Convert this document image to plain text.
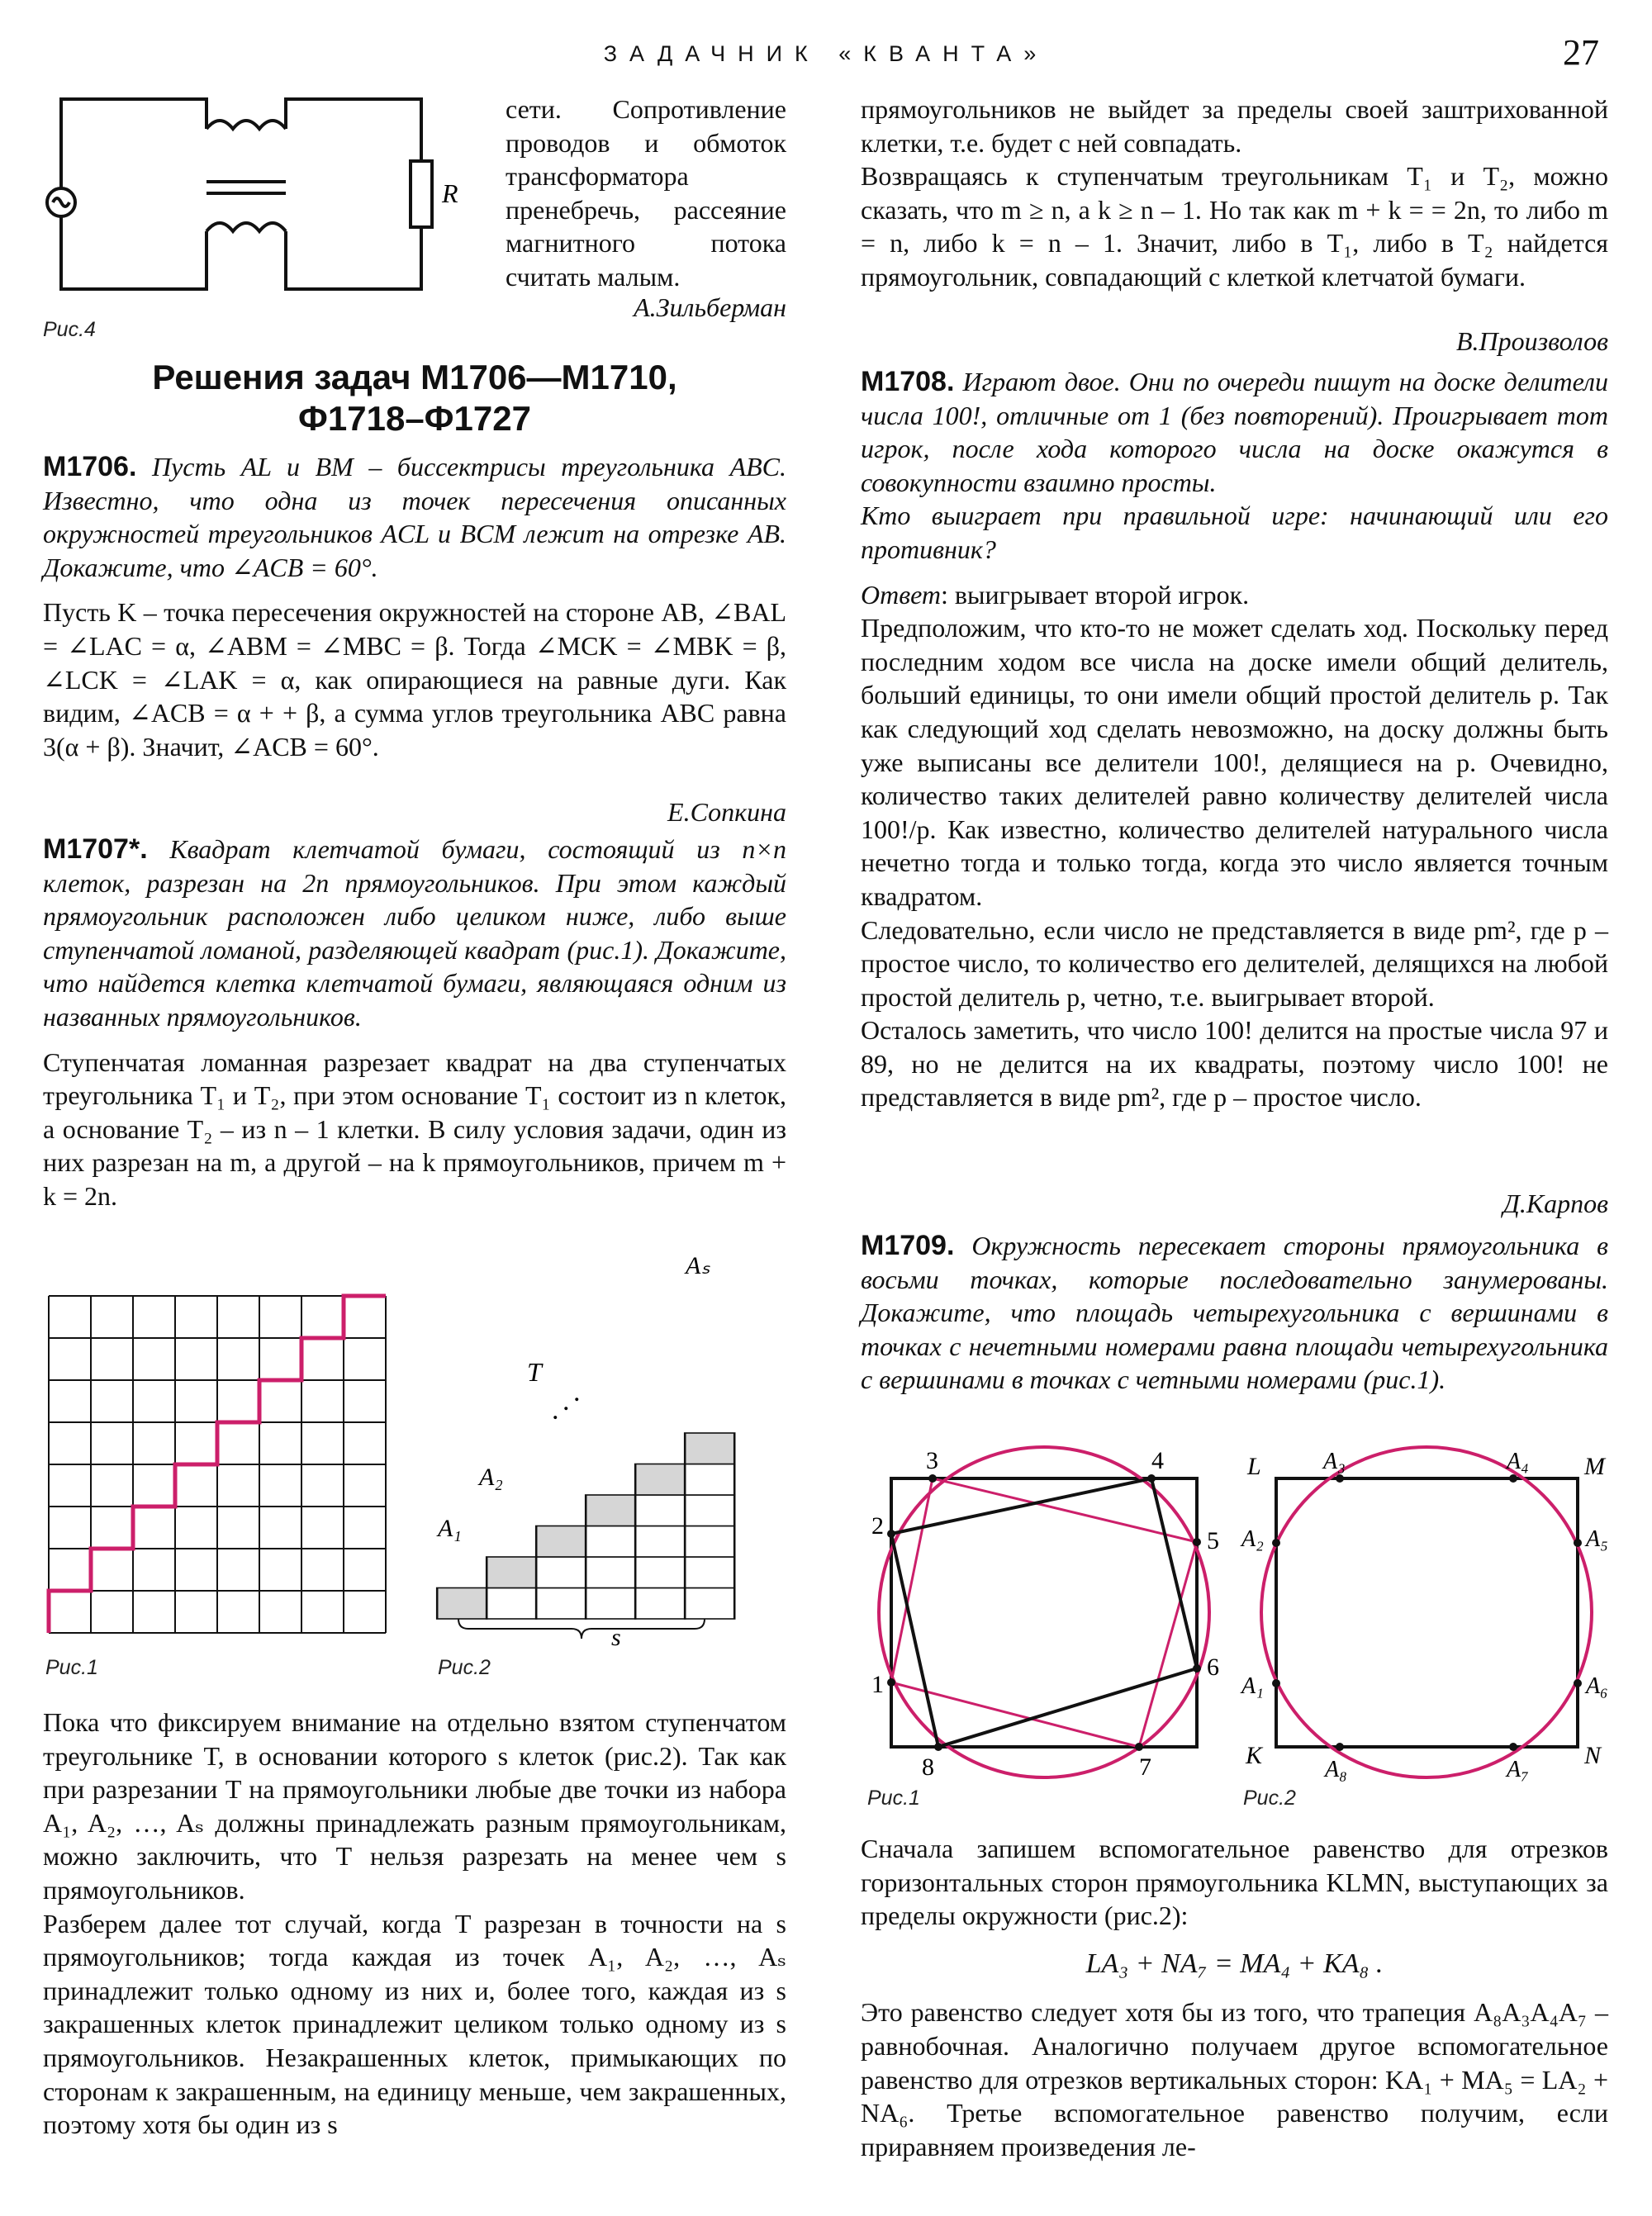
ЗАДАЧНИК «КВАНТА»	27
R
Рис.4

сети. Сопротивление проводов и обмоток трансформатора пренебречь, рассеяние магнитного потока считать малым.

А.Зильберман
Решения задач М1706—М1710,
Ф1718–Ф1727

М1706. Пусть AL и BM – биссектрисы треугольника ABC. Известно, что одна из точек пересечения описанных окружностей треугольников ACL и BCM лежит на отрезке AB. Докажите, что ∠ACB = 60°.

Пусть K – точка пересечения окружностей на стороне AB, ∠BAL = ∠LAC = α, ∠ABM = ∠MBC = β. Тогда ∠MCK = ∠MBK = β, ∠LCK = ∠LAK = α, как опирающиеся на равные дуги. Как видим, ∠ACB = α + + β, а сумма углов треугольника ABC равна 3(α + β). Значит, ∠ACB = 60°.

Е.Сопкина

М1707*. Квадрат клетчатой бумаги, состоящий из n×n клеток, разрезан на 2n прямоугольников. При этом каждый прямоугольник расположен либо целиком ниже, либо выше ступенчатой ломаной, разделяющей квадрат (рис.1). Докажите, что найдется клетка клетчатой бумаги, являющаяся одним из названных прямоугольников.

Ступенчатая ломанная разрезает квадрат на два ступенчатых треугольника T₁ и T₂, при этом основание T₁ состоит из n клеток, а основание T₂ – из n – 1 клетки. В силу условия задачи, один из них разрезан на m, а другой – на k прямоугольников, причем m + k = 2n.

Рис.1
Aₛ
T
. . .
A₂
A₁
s
Рис.2

Пока что фиксируем внимание на отдельно взятом ступенчатом треугольнике T, в основании которого s клеток (рис.2). Так как при разрезании T на прямоугольники любые две точки из набора A₁, A₂, …, Aₛ должны принадлежать разным прямоугольникам, можно заключить, что T нельзя разрезать на менее чем s прямоугольников.

Разберем далее тот случай, когда T разрезан в точности на s прямоугольников; тогда каждая из точек A₁, A₂, …, Aₛ принадлежит только одному из них и, более того, каждая из s закрашенных клеток принадлежит целиком только одному из s прямоугольников. Незакрашенных клеток, примыкающих по сторонам к закрашенным, на единицу меньше, чем закрашенных, поэтому хотя бы один из s

прямоугольников не выйдет за пределы своей заштрихованной клетки, т.е. будет с ней совпадать.

Возвращаясь к ступенчатым треугольникам T₁ и T₂, можно сказать, что m ≥ n, а k ≥ n – 1. Но так как m + k = = 2n, то либо m = n, либо k = n – 1. Значит, либо в T₁, либо в T₂ найдется прямоугольник, совпадающий с клеткой клетчатой бумаги.

В.Произволов

М1708. Играют двое. Они по очереди пишут на доске делители числа 100!, отличные от 1 (без повторений). Проигрывает тот игрок, после хода которого числа на доске окажутся в совокупности взаимно просты.

Кто выиграет при правильной игре: начинающий или его противник?

Ответ: выигрывает второй игрок.

Предположим, что кто-то не может сделать ход. Поскольку перед последним ходом все числа на доске имели общий делитель, больший единицы, то они имели общий простой делитель p. Так как следующий ход сделать невозможно, на доску должны быть уже выписаны все делители 100!, делящиеся на p. Очевидно, количество таких делителей равно количеству делителей числа 100!/p. Как известно, количество делителей натурального числа нечетно тогда и только тогда, когда это число является точным квадратом.

Следовательно, если число не представляется в виде pm², где p – простое число, то количество его делителей, делящихся на любой простой делитель p, четно, т.е. выигрывает второй.

Осталось заметить, что число 100! делится на простые числа 97 и 89, но не делится на их квадраты, поэтому число 100! не представляется в виде pm², где p – простое число.

Д.Карпов

М1709. Окружность пересекает стороны прямоугольника в восьми точках, которые последовательно занумерованы. Докажите, что площадь четырехугольника с вершинами в точках с нечетными номерами равна площади четырехугольника с вершинами в точках с четными номерами (рис.1).

1
2
3	4
5
6
7
8
Рис.1
A₁
A₂
A₃	A₄
A₅
A₆
A₇
A₈
L	M
K	N
Рис.2

Сначала запишем вспомогательное равенство для отрезков горизонтальных сторон прямоугольника KLMN, выступающих за пределы окружности (рис.2):

LA₃ + NA₇ = MA₄ + KA₈ .

Это равенство следует хотя бы из того, что трапеция A₈A₃A₄A₇ – равнобочная. Аналогично получаем другое вспомогательное равенство для отрезков вертикальных сторон: KA₁ + MA₅ = LA₂ + NA₆. Третье вспомогательное равенство получим, если приравняем произведения ле-
